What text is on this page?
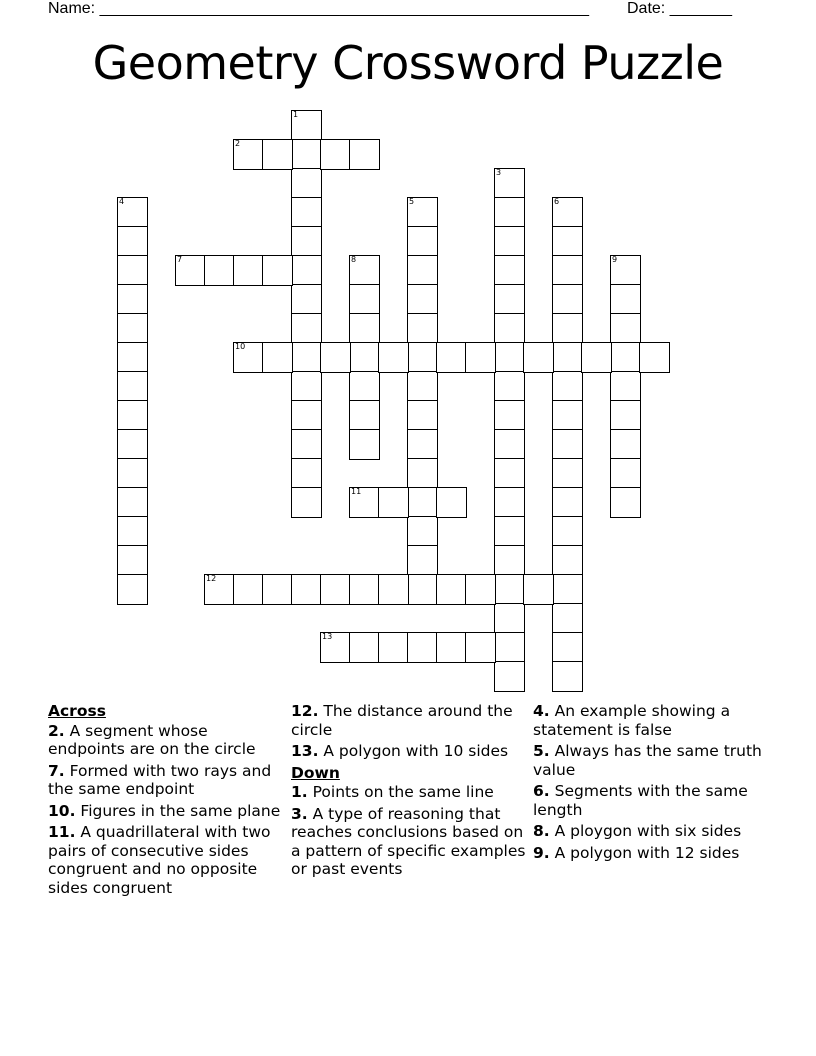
Name: _______________________________________________________ Date: _______
Geometry Crossword Puzzle
1
2
3
4	5	6
7	8	9
10
11
12
13
Across
2. A segment whose endpoints are on the circle
7. Formed with two rays and the same endpoint
10. Figures in the same plane
11. A quadrillateral with two pairs of consecutive sides congruent and no opposite sides congruent
12. The distance around the circle
13. A polygon with 10 sides
Down
1. Points on the same line
3. A type of reasoning that reaches conclusions based on a pattern of specific examples or past events
4. An example showing a statement is false
5. Always has the same truth value
6. Segments with the same length
8. A ploygon with six sides
9. A polygon with 12 sides
